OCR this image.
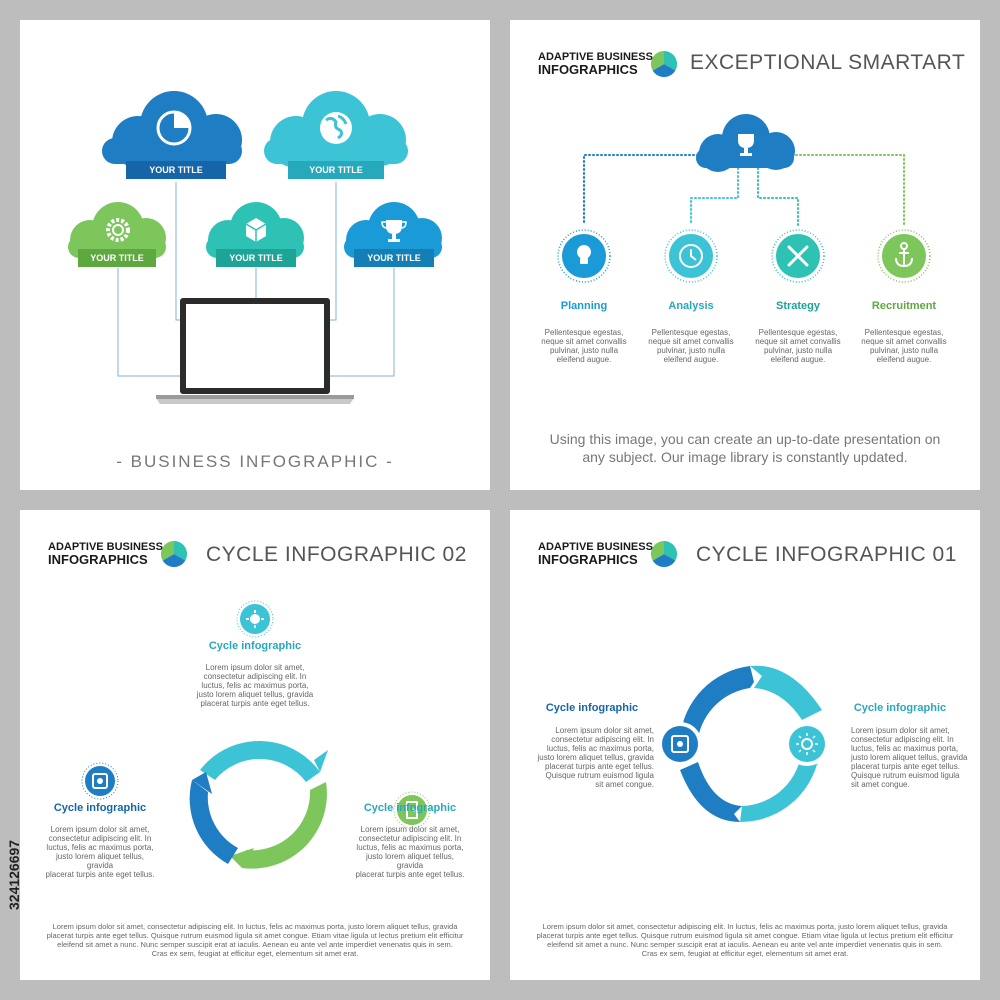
YOUR TITLE	YOUR TITLE
YOUR TITLE	YOUR TITLE	YOUR TITLE
- BUSINESS INFOGRAPHIC -
ADAPTIVE BUSINESS
INFOGRAPHICS	EXCEPTIONAL SMARTART
Planning	Analysis	Strategy	Recruitment
Pellentesque egestas,
neque sit amet convallis
pulvinar, justo nulla
eleifend augue.
Pellentesque egestas,
neque sit amet convallis
pulvinar, justo nulla
eleifend augue.
Pellentesque egestas,
neque sit amet convallis
pulvinar, justo nulla
eleifend augue.
Pellentesque egestas,
neque sit amet convallis
pulvinar, justo nulla
eleifend augue.
Using this image, you can create an up-to-date presentation on
any subject. Our image library is constantly updated.
ADAPTIVE BUSINESS
INFOGRAPHICS	CYCLE INFOGRAPHIC 02
Cycle infographic
Lorem ipsum dolor sit amet,
consectetur adipiscing elit. In
luctus, felis ac maximus porta,
justo lorem aliquet tellus, gravida
placerat turpis ante eget tellus.
Cycle infographic
Lorem ipsum dolor sit amet,
consectetur adipiscing elit. In
luctus, felis ac maximus porta,
justo lorem aliquet tellus, gravida
placerat turpis ante eget tellus.
Cycle infographic
Lorem ipsum dolor sit amet,
consectetur adipiscing elit. In
luctus, felis ac maximus porta,
justo lorem aliquet tellus, gravida
placerat turpis ante eget tellus.
Lorem ipsum dolor sit amet, consectetur adipiscing elit. In luctus, felis ac maximus porta, justo lorem aliquet tellus, gravida
placerat turpis ante eget tellus. Quisque rutrum euismod ligula sit amet congue. Etiam vitae ligula ut lectus pretium elit efficitur
eleifend sit amet a nunc. Nunc semper suscipit erat at iaculis. Aenean eu ante vel ante imperdiet venenatis quis in sem.
Cras ex sem, feugiat at efficitur eget, elementum sit amet erat.
ADAPTIVE BUSINESS
INFOGRAPHICS	CYCLE INFOGRAPHIC 01
Cycle infographic
Lorem ipsum dolor sit amet,
consectetur adipiscing elit. In
luctus, felis ac maximus porta,
justo lorem aliquet tellus, gravida
placerat turpis ante eget tellus.
Quisque rutrum euismod ligula
sit amet congue.
Cycle infographic
Lorem ipsum dolor sit amet,
consectetur adipiscing elit. In
luctus, felis ac maximus porta,
justo lorem aliquet tellus, gravida
placerat turpis ante eget tellus.
Quisque rutrum euismod ligula
sit amet congue.
Lorem ipsum dolor sit amet, consectetur adipiscing elit. In luctus, felis ac maximus porta, justo lorem aliquet tellus, gravida
placerat turpis ante eget tellus. Quisque rutrum euismod ligula sit amet congue. Etiam vitae ligula ut lectus pretium elit efficitur
eleifend sit amet a nunc. Nunc semper suscipit erat at iaculis. Aenean eu ante vel ante imperdiet venenatis quis in sem.
Cras ex sem, feugiat at efficitur eget, elementum sit amet erat.
324126697
